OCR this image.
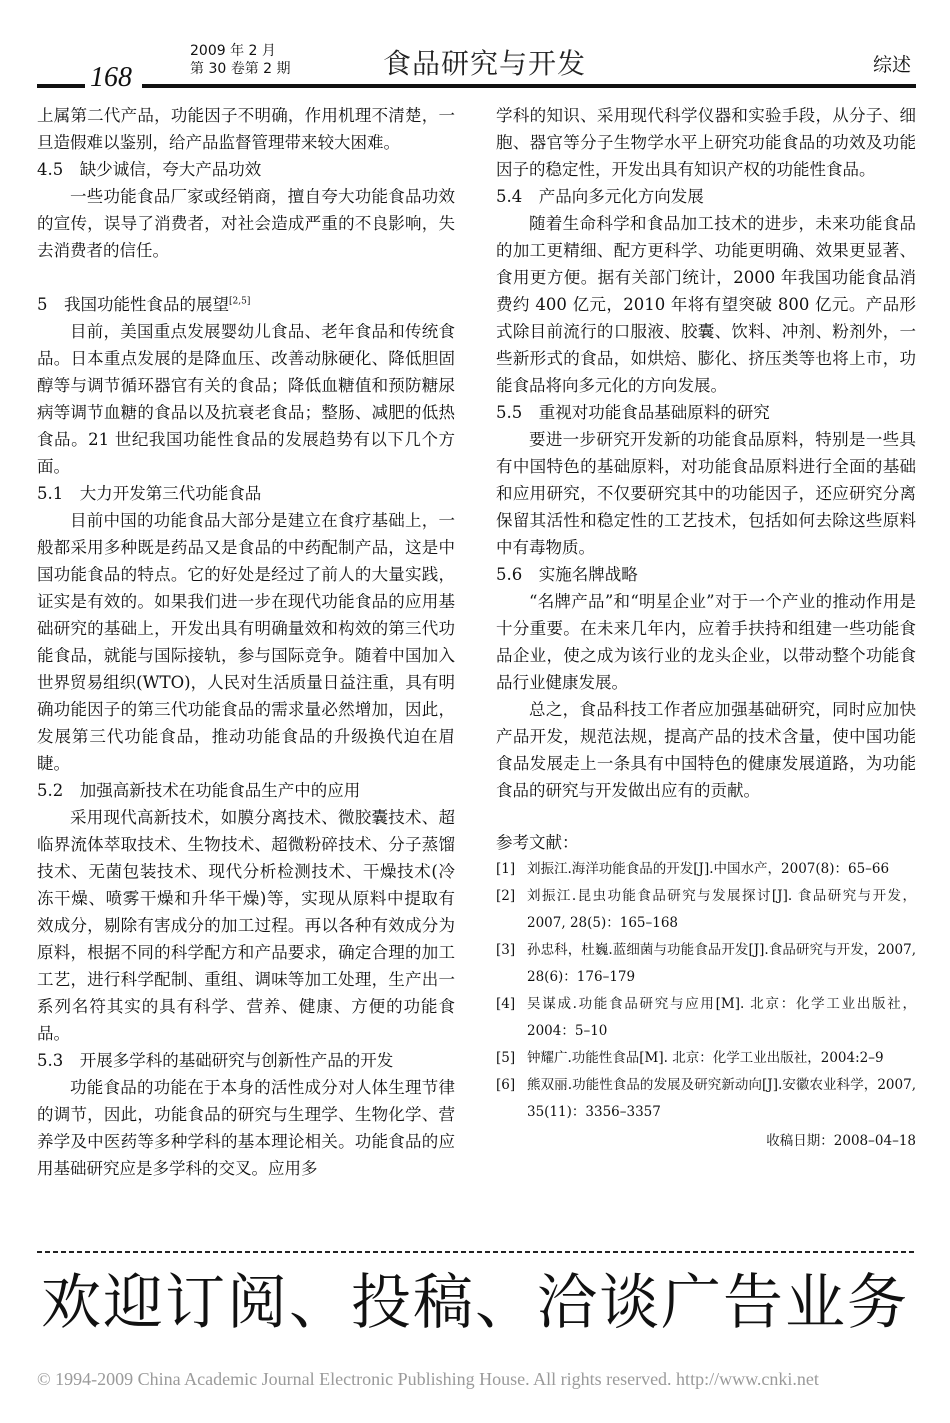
2009 年 2 月
第 30 卷第 2 期	食品研究与开发	综述
168

上属第二代产品，功能因子不明确，作用机理不清楚，一旦造假难以鉴别，给产品监督管理带来较大困难。

4.5　缺少诚信，夸大产品功效

一些功能食品厂家或经销商，擅自夸大功能食品功效的宣传，误导了消费者，对社会造成严重的不良影响，失去消费者的信任。

5　我国功能性食品的展望[2,5]

目前，美国重点发展婴幼儿食品、老年食品和传统食品。日本重点发展的是降血压、改善动脉硬化、降低胆固醇等与调节循环器官有关的食品；降低血糖值和预防糖尿病等调节血糖的食品以及抗衰老食品；整肠、减肥的低热食品。21 世纪我国功能性食品的发展趋势有以下几个方面。

5.1　大力开发第三代功能食品

目前中国的功能食品大部分是建立在食疗基础上，一般都采用多种既是药品又是食品的中药配制产品，这是中国功能食品的特点。它的好处是经过了前人的大量实践，证实是有效的。如果我们进一步在现代功能食品的应用基础研究的基础上，开发出具有明确量效和构效的第三代功能食品，就能与国际接轨，参与国际竞争。随着中国加入世界贸易组织(WTO)，人民对生活质量日益注重，具有明确功能因子的第三代功能食品的需求量必然增加，因此，发展第三代功能食品，推动功能食品的升级换代迫在眉睫。

5.2　加强高新技术在功能食品生产中的应用

采用现代高新技术，如膜分离技术、微胶囊技术、超临界流体萃取技术、生物技术、超微粉碎技术、分子蒸馏技术、无菌包装技术、现代分析检测技术、干燥技术(冷冻干燥、喷雾干燥和升华干燥)等，实现从原料中提取有效成分，剔除有害成分的加工过程。再以各种有效成分为原料，根据不同的科学配方和产品要求，确定合理的加工工艺，进行科学配制、重组、调味等加工处理，生产出一系列名符其实的具有科学、营养、健康、方便的功能食品。

5.3　开展多学科的基础研究与创新性产品的开发

功能食品的功能在于本身的活性成分对人体生理节律的调节，因此，功能食品的研究与生理学、生物化学、营养学及中医药等多种学科的基本理论相关。功能食品的应用基础研究应是多学科的交叉。应用多

学科的知识、采用现代科学仪器和实验手段，从分子、细胞、器官等分子生物学水平上研究功能食品的功效及功能因子的稳定性，开发出具有知识产权的功能性食品。

5.4　产品向多元化方向发展

随着生命科学和食品加工技术的进步，未来功能食品的加工更精细、配方更科学、功能更明确、效果更显著、食用更方便。据有关部门统计，2000 年我国功能食品消费约 400 亿元，2010 年将有望突破 800 亿元。产品形式除目前流行的口服液、胶囊、饮料、冲剂、粉剂外，一些新形式的食品，如烘焙、膨化、挤压类等也将上市，功能食品将向多元化的方向发展。

5.5　重视对功能食品基础原料的研究

要进一步研究开发新的功能食品原料，特别是一些具有中国特色的基础原料，对功能食品原料进行全面的基础和应用研究，不仅要研究其中的功能因子，还应研究分离保留其活性和稳定性的工艺技术，包括如何去除这些原料中有毒物质。

5.6　实施名牌战略

“名牌产品”和“明星企业”对于一个产业的推动作用是十分重要。在未来几年内，应着手扶持和组建一些功能食品企业，使之成为该行业的龙头企业，以带动整个功能食品行业健康发展。

总之，食品科技工作者应加强基础研究，同时应加快产品开发，规范法规，提高产品的技术含量，使中国功能食品发展走上一条具有中国特色的健康发展道路，为功能食品的研究与开发做出应有的贡献。

参考文献：

[1] 刘振江.海洋功能食品的开发[J].中国水产，2007(8)：65–66
[2] 刘振江.昆虫功能食品研究与发展探讨[J]. 食品研究与开发，2007, 28(5)：165–168
[3] 孙忠科，杜巍.蓝细菌与功能食品开发[J].食品研究与开发，2007, 28(6)：176–179
[4] 吴谋成.功能食品研究与应用[M]. 北京：化学工业出版社，2004：5–10
[5] 钟耀广.功能性食品[M]. 北京：化学工业出版社，2004:2–9
[6] 熊双丽.功能性食品的发展及研究新动向[J].安徽农业科学，2007, 35(11)：3356–3357
收稿日期：2008–04–18
欢迎订阅、投稿、洽谈广告业务
© 1994-2009 China Academic Journal Electronic Publishing House. All rights reserved. http://www.cnki.net
